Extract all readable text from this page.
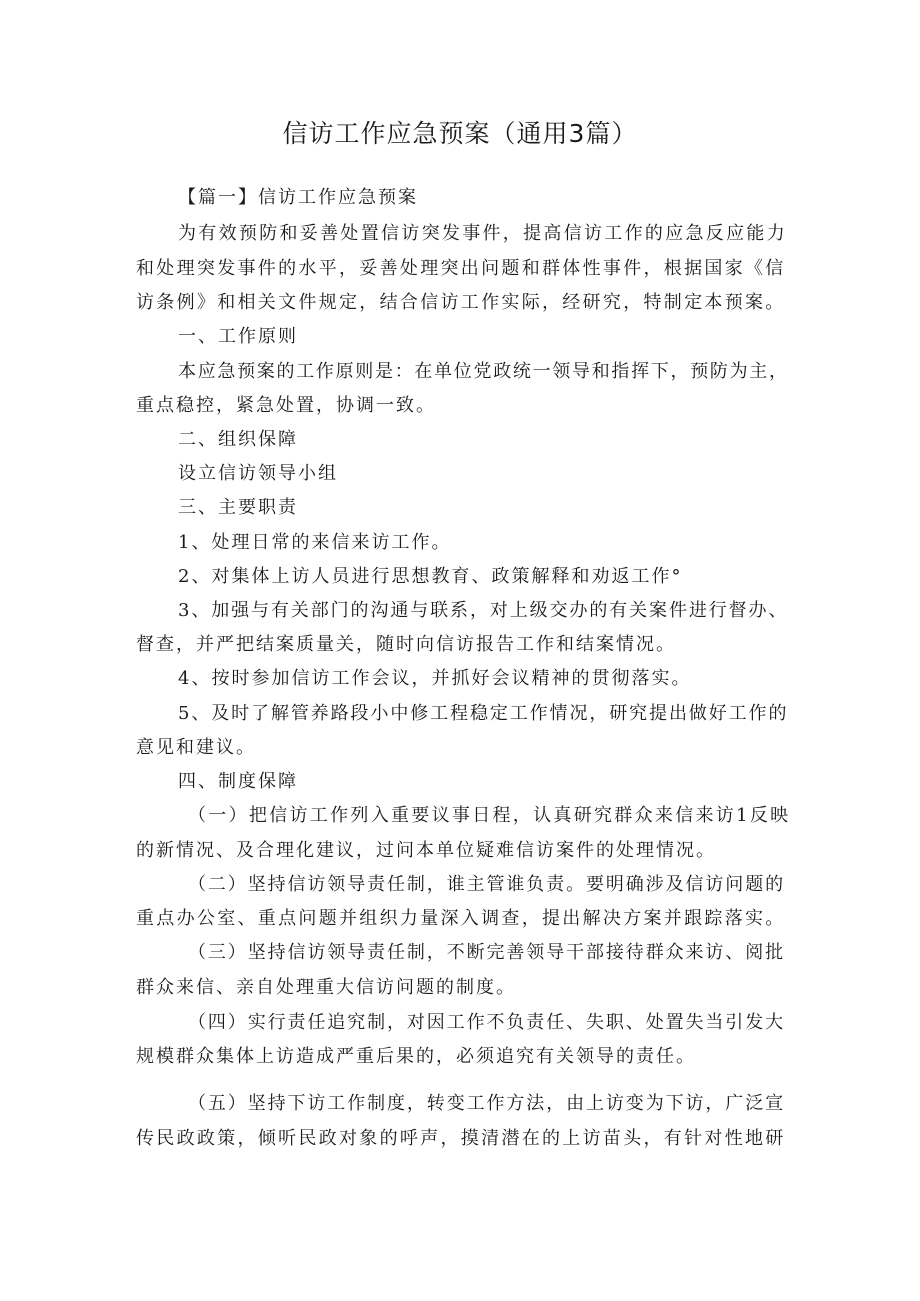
信访工作应急预案（通用3篇）

【篇一】信访工作应急预案

为有效预防和妥善处置信访突发事件，提高信访工作的应急反应能力

和处理突发事件的水平，妥善处理突出问题和群体性事件，根据国家《信

访条例》和相关文件规定，结合信访工作实际，经研究，特制定本预案。

一、工作原则

本应急预案的工作原则是：在单位党政统一领导和指挥下，预防为主，

重点稳控，紧急处置，协调一致。

二、组织保障

设立信访领导小组

三、主要职责

1、处理日常的来信来访工作。

2、对集体上访人员进行思想教育、政策解释和劝返工作°

3、加强与有关部门的沟通与联系，对上级交办的有关案件进行督办、

督查，并严把结案质量关，随时向信访报告工作和结案情况。

4、按时参加信访工作会议，并抓好会议精神的贯彻落实。

5、及时了解管养路段小中修工程稳定工作情况，研究提出做好工作的

意见和建议。

四、制度保障

（一）把信访工作列入重要议事日程，认真研究群众来信来访1反映

的新情况、及合理化建议，过问本单位疑难信访案件的处理情况。

（二）坚持信访领导责任制，谁主管谁负责。要明确涉及信访问题的

重点办公室、重点问题并组织力量深入调查，提出解决方案并跟踪落实。

（三）坚持信访领导责任制，不断完善领导干部接待群众来访、阅批

群众来信、亲自处理重大信访问题的制度。

（四）实行责任追究制，对因工作不负责任、失职、处置失当引发大

规模群众集体上访造成严重后果的，必须追究有关领导的责任。

（五）坚持下访工作制度，转变工作方法，由上访变为下访，广泛宣

传民政政策，倾听民政对象的呼声，摸清潜在的上访苗头，有针对性地研
